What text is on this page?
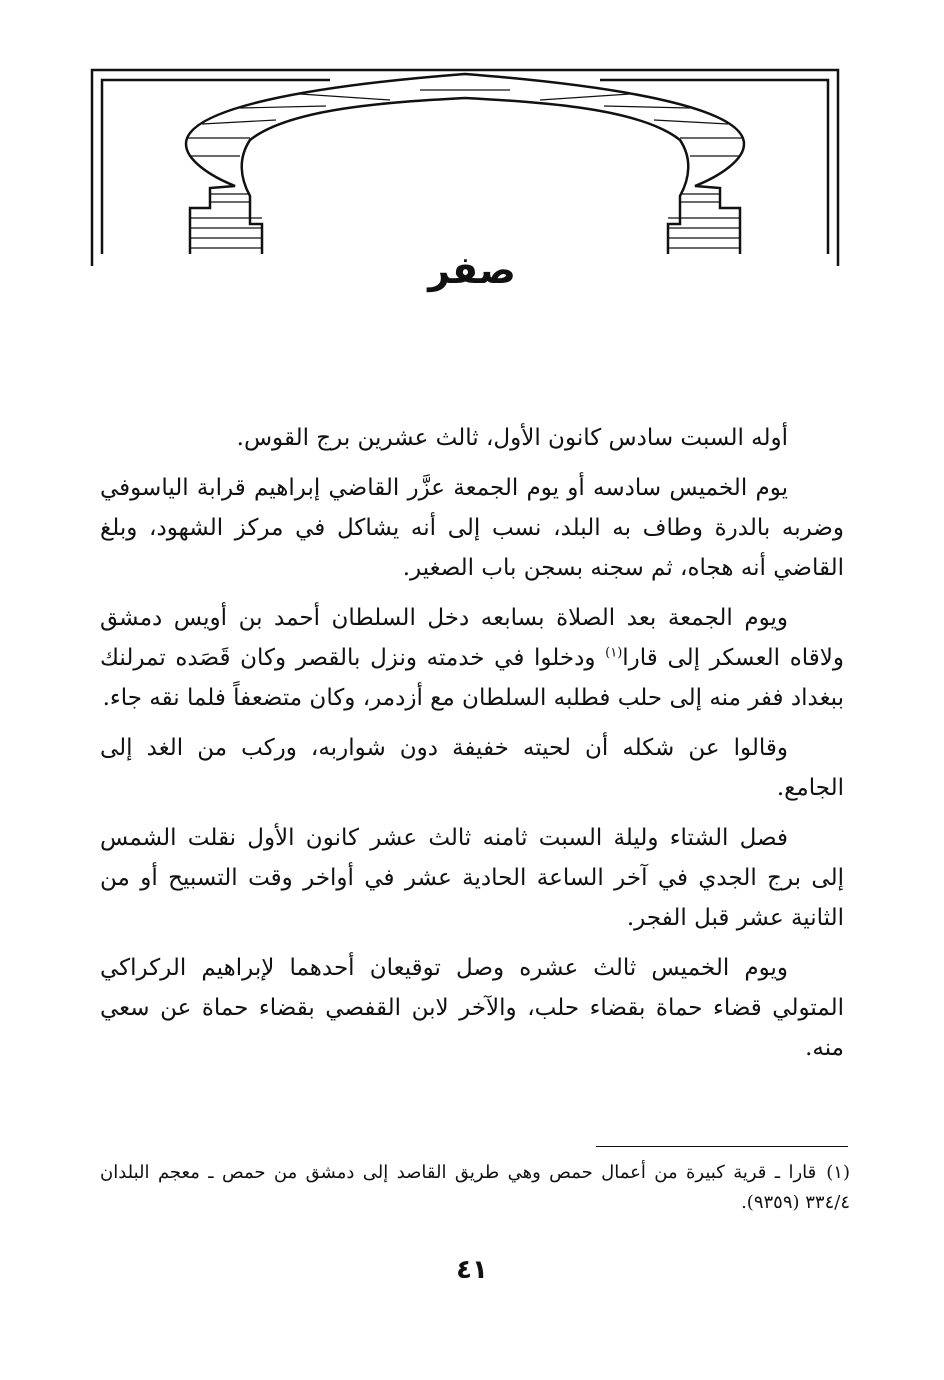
صفر

أوله السبت سادس كانون الأول، ثالث عشرين برج القوس.

يوم الخميس سادسه أو يوم الجمعة عزَّر القاضي إبراهيم قرابة الياسوفي وضربه بالدرة وطاف به البلد، نسب إلى أنه يشاكل في مركز الشهود، وبلغ القاضي أنه هجاه، ثم سجنه بسجن باب الصغير.

ويوم الجمعة بعد الصلاة بسابعه دخل السلطان أحمد بن أويس دمشق ولاقاه العسكر إلى قارا$^{(١)}$ ودخلوا في خدمته ونزل بالقصر وكان قَصَده تمرلنك ببغداد ففر منه إلى حلب فطلبه السلطان مع أزدمر، وكان متضعفاً فلما نقه جاء.

وقالوا عن شكله أن لحيته خفيفة دون شواربه، وركب من الغد إلى الجامع.

فصل الشتاء وليلة السبت ثامنه ثالث عشر كانون الأول نقلت الشمس إلى برج الجدي في آخر الساعة الحادية عشر في أواخر وقت التسبيح أو من الثانية عشر قبل الفجر.

ويوم الخميس ثالث عشره وصل توقيعان أحدهما لإبراهيم الركراكي المتولي قضاء حماة بقضاء حلب، والآخر لابن القفصي بقضاء حماة عن سعي منه.

(١)قارا ـ قرية كبيرة من أعمال حمص وهي طريق القاصد إلى دمشق من حمص ـ معجم البلدان ٣٣٤/٤ (٩٣٥٩).
٤١
